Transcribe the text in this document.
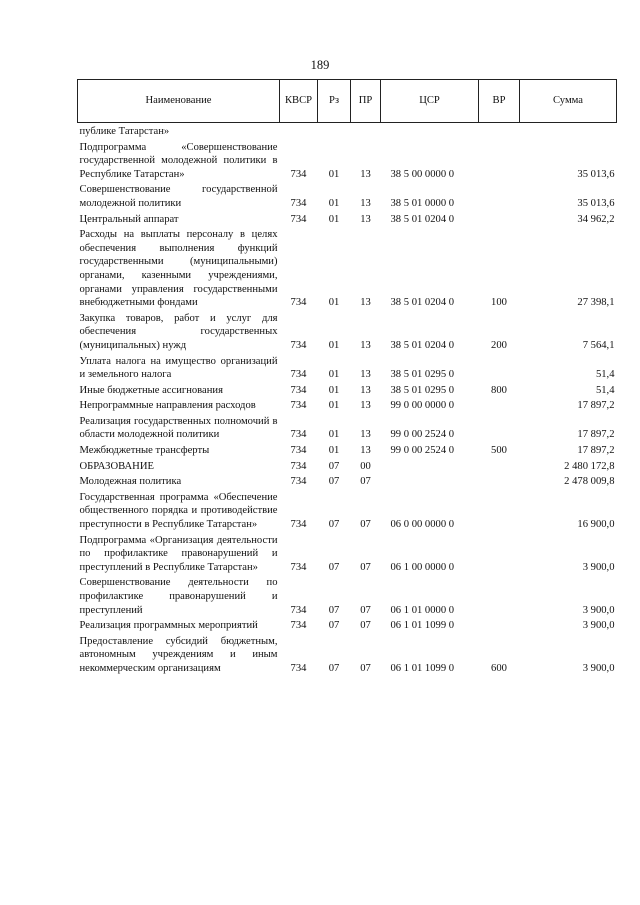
189
Наименование	КВСР	Рз	ПР	ЦСР	ВР	Сумма
публике Татарстан»						
Подпрограмма «Совершенствование государственной молодежной политики в Республике Татарстан»	734	01	13	38 5 00 0000 0		35 013,6
Совершенствование государственной молодежной политики	734	01	13	38 5 01 0000 0		35 013,6
Центральный аппарат	734	01	13	38 5 01 0204 0		34 962,2
Расходы на выплаты персоналу в целях обеспечения выполнения функций государственными (муниципальными) органами, казенными учреждениями, органами управления государственными внебюджетными фондами	734	01	13	38 5 01 0204 0	100	27 398,1
Закупка товаров, работ и услуг для обеспечения государственных (муниципальных) нужд	734	01	13	38 5 01 0204 0	200	7 564,1
Уплата налога на имущество организаций и земельного налога	734	01	13	38 5 01 0295 0		51,4
Иные бюджетные ассигнования	734	01	13	38 5 01 0295 0	800	51,4
Непрограммные направления расходов	734	01	13	99 0 00 0000 0		17 897,2
Реализация государственных полномочий в области молодежной политики	734	01	13	99 0 00 2524 0		17 897,2
Межбюджетные трансферты	734	01	13	99 0 00 2524 0	500	17 897,2
ОБРАЗОВАНИЕ	734	07	00			2 480 172,8
Молодежная политика	734	07	07			2 478 009,8
Государственная программа «Обеспечение общественного порядка и противодействие преступности в Республике Татарстан»	734	07	07	06 0 00 0000 0		16 900,0
Подпрограмма «Организация деятельности по профилактике правонарушений и преступлений в Республике Татарстан»	734	07	07	06 1 00 0000 0		3 900,0
Совершенствование деятельности по профилактике правонарушений и преступлений	734	07	07	06 1 01 0000 0		3 900,0
Реализация программных мероприятий	734	07	07	06 1 01 1099 0		3 900,0
Предоставление субсидий бюджетным, автономным учреждениям и иным некоммерческим организациям	734	07	07	06 1 01 1099 0	600	3 900,0
